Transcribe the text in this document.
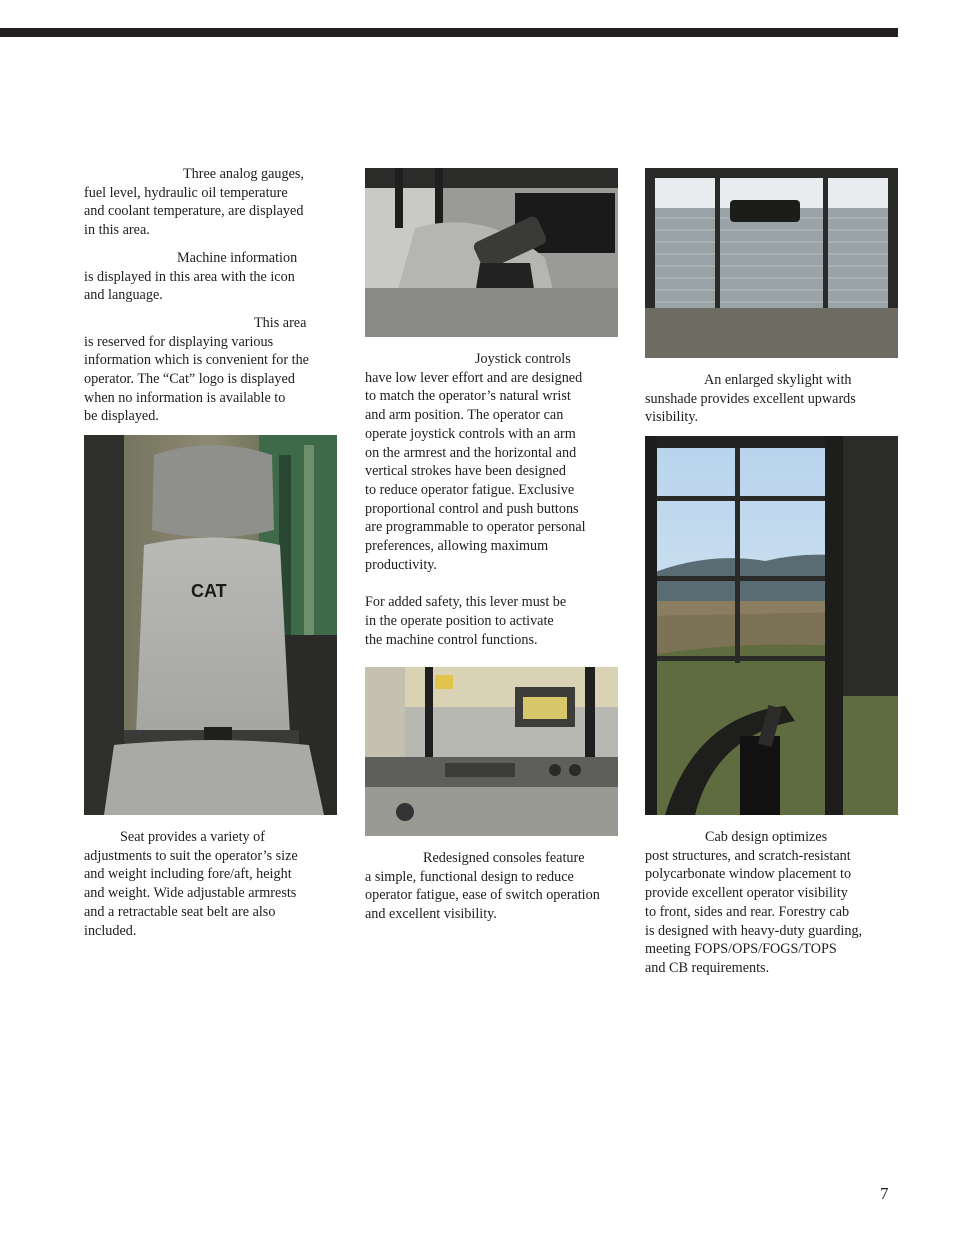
Three analog gauges,
fuel level, hydraulic oil temperature
and coolant temperature, are displayed
in this area.

Machine information
is displayed in this area with the icon
and language.

This area
is reserved for displaying various
information which is convenient for the
operator. The “Cat” logo is displayed
when no information is available to
be displayed.

CAT

Seat provides a variety of
adjustments to suit the operator’s size
and weight including fore/aft, height
and weight. Wide adjustable armrests
and a retractable seat belt are also
included.

Joystick controls
have low lever effort and are designed
to match the operator’s natural wrist
and arm position. The operator can
operate joystick controls with an arm
on the armrest and the horizontal and
vertical strokes have been designed
to reduce operator fatigue. Exclusive
proportional control and push buttons
are programmable to operator personal
preferences, allowing maximum
productivity.

For added safety, this lever must be
in the operate position to activate
the machine control functions.

Redesigned consoles feature
a simple, functional design to reduce
operator fatigue, ease of switch operation
and excellent visibility.

An enlarged skylight with
sunshade provides excellent upwards
visibility.

Cab design optimizes
post structures, and scratch-resistant
polycarbonate window placement to
provide excellent operator visibility
to front, sides and rear. Forestry cab
is designed with heavy-duty guarding,
meeting FOPS/OPS/FOGS/TOPS
and CB requirements.

7
